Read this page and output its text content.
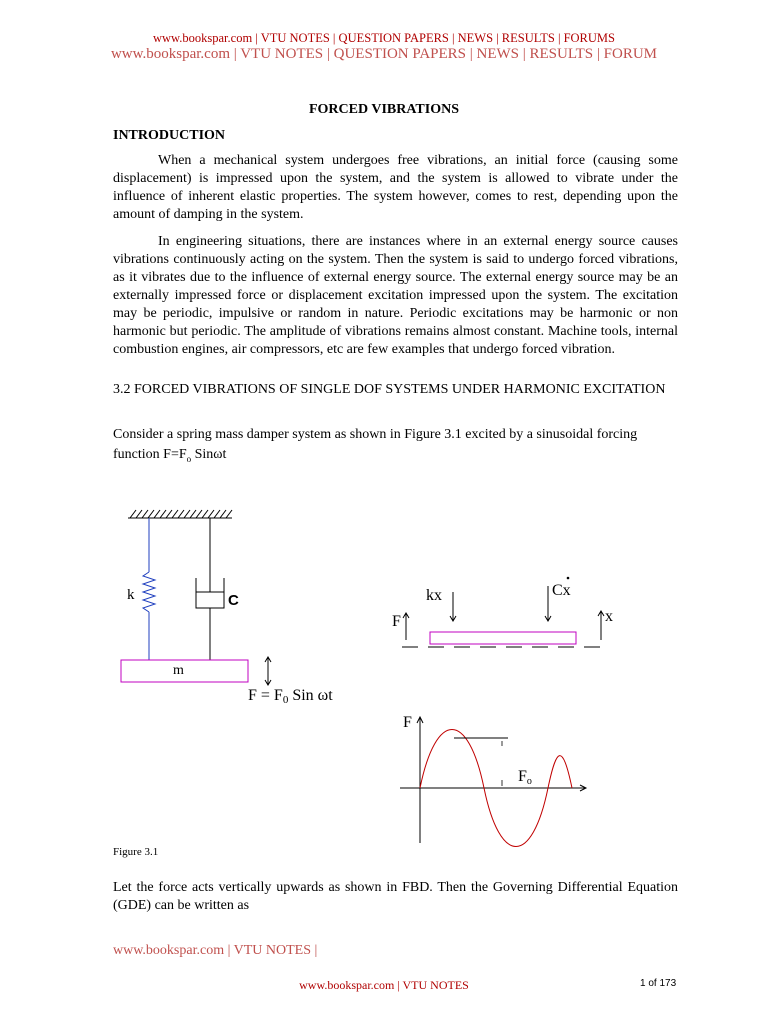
www.bookspar.com | VTU NOTES | QUESTION PAPERS | NEWS | RESULTS | FORUMS
www.bookspar.com | VTU NOTES | QUESTION PAPERS | NEWS | RESULTS | FORUM
FORCED VIBRATIONS
INTRODUCTION
When a mechanical system undergoes free vibrations, an initial force (causing some displacement) is impressed upon the system, and the system is allowed to vibrate under the influence of inherent elastic properties. The system however, comes to rest, depending upon the amount of damping in the system.
In engineering situations, there are instances where in an external energy source causes vibrations continuously acting on the system. Then the system is said to undergo forced vibrations, as it vibrates due to the influence of external energy source. The external energy source may be an externally impressed force or displacement excitation impressed upon the system. The excitation may be periodic, impulsive or random in nature. Periodic excitations may be harmonic or non harmonic but periodic. The amplitude of vibrations remains almost constant. Machine tools, internal combustion engines, air compressors, etc are few examples that undergo forced vibration.
3.2 FORCED VIBRATIONS OF SINGLE DOF SYSTEMS UNDER HARMONIC EXCITATION
Consider a spring mass damper system as shown in Figure 3.1 excited by a sinusoidal forcing function $F=F_o$ Sinωt
k	C
m
F = F0 Sin ωt
kx	Cx
F	x
F
Fo
Figure 3.1
Let the force acts vertically upwards as shown in FBD. Then the Governing Differential Equation (GDE) can be written as
www.bookspar.com | VTU NOTES |
www.bookspar.com | VTU NOTES	1 of 173
